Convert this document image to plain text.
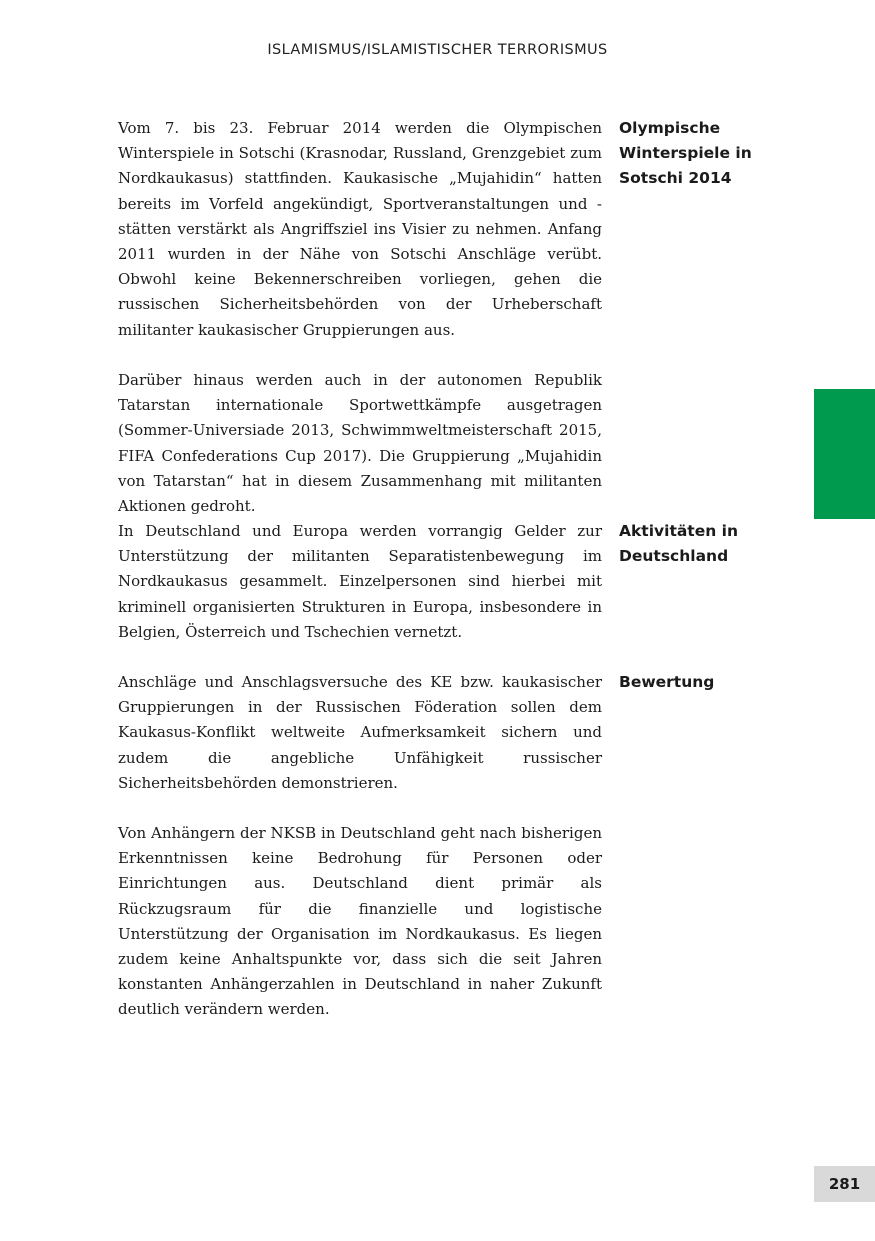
ISLAMISMUS/ISLAMISTISCHER TERRORISMUS

Vom 7. bis 23. Februar 2014 werden die Olympischen Winterspiele in Sotschi (Krasnodar, Russland, Grenzgebiet zum Nordkaukasus) stattfinden. Kaukasische „Mujahidin“ hatten bereits im Vorfeld angekündigt, Sportveranstaltungen und -stätten verstärkt als Angriffsziel ins Visier zu nehmen. Anfang 2011 wurden in der Nähe von Sotschi Anschläge verübt. Obwohl keine Bekennerschreiben vorliegen, gehen die russischen Sicherheitsbehörden von der Urheberschaft militanter kaukasischer Gruppierungen aus.

Olympische Winterspiele in Sotschi 2014

Darüber hinaus werden auch in der autonomen Republik Tatarstan internationale Sportwettkämpfe ausgetragen (Sommer-Universiade 2013, Schwimmweltmeisterschaft 2015, FIFA Confederations Cup 2017). Die Gruppierung „Mujahidin von Tatarstan“ hat in diesem Zusammenhang mit militanten Aktionen gedroht.

In Deutschland und Europa werden vorrangig Gelder zur Unterstützung der militanten Separatistenbewegung im Nordkaukasus gesammelt. Einzelpersonen sind hierbei mit kriminell organisierten Strukturen in Europa, insbesondere in Belgien, Österreich und Tschechien vernetzt.

Aktivitäten in Deutschland

Anschläge und Anschlagsversuche des KE bzw. kaukasischer Gruppierungen in der Russischen Föderation sollen dem Kaukasus-Konflikt weltweite Aufmerksamkeit sichern und zudem die angebliche Unfähigkeit russischer Sicherheitsbehörden demonstrieren.

Bewertung

Von Anhängern der NKSB in Deutschland geht nach bisherigen Erkenntnissen keine Bedrohung für Personen oder Einrichtungen aus. Deutschland dient primär als Rückzugsraum für die finanzielle und logistische Unterstützung der Organisation im Nordkaukasus. Es liegen zudem keine Anhaltspunkte vor, dass sich die seit Jahren konstanten Anhängerzahlen in Deutschland in naher Zukunft deutlich verändern werden.

281
